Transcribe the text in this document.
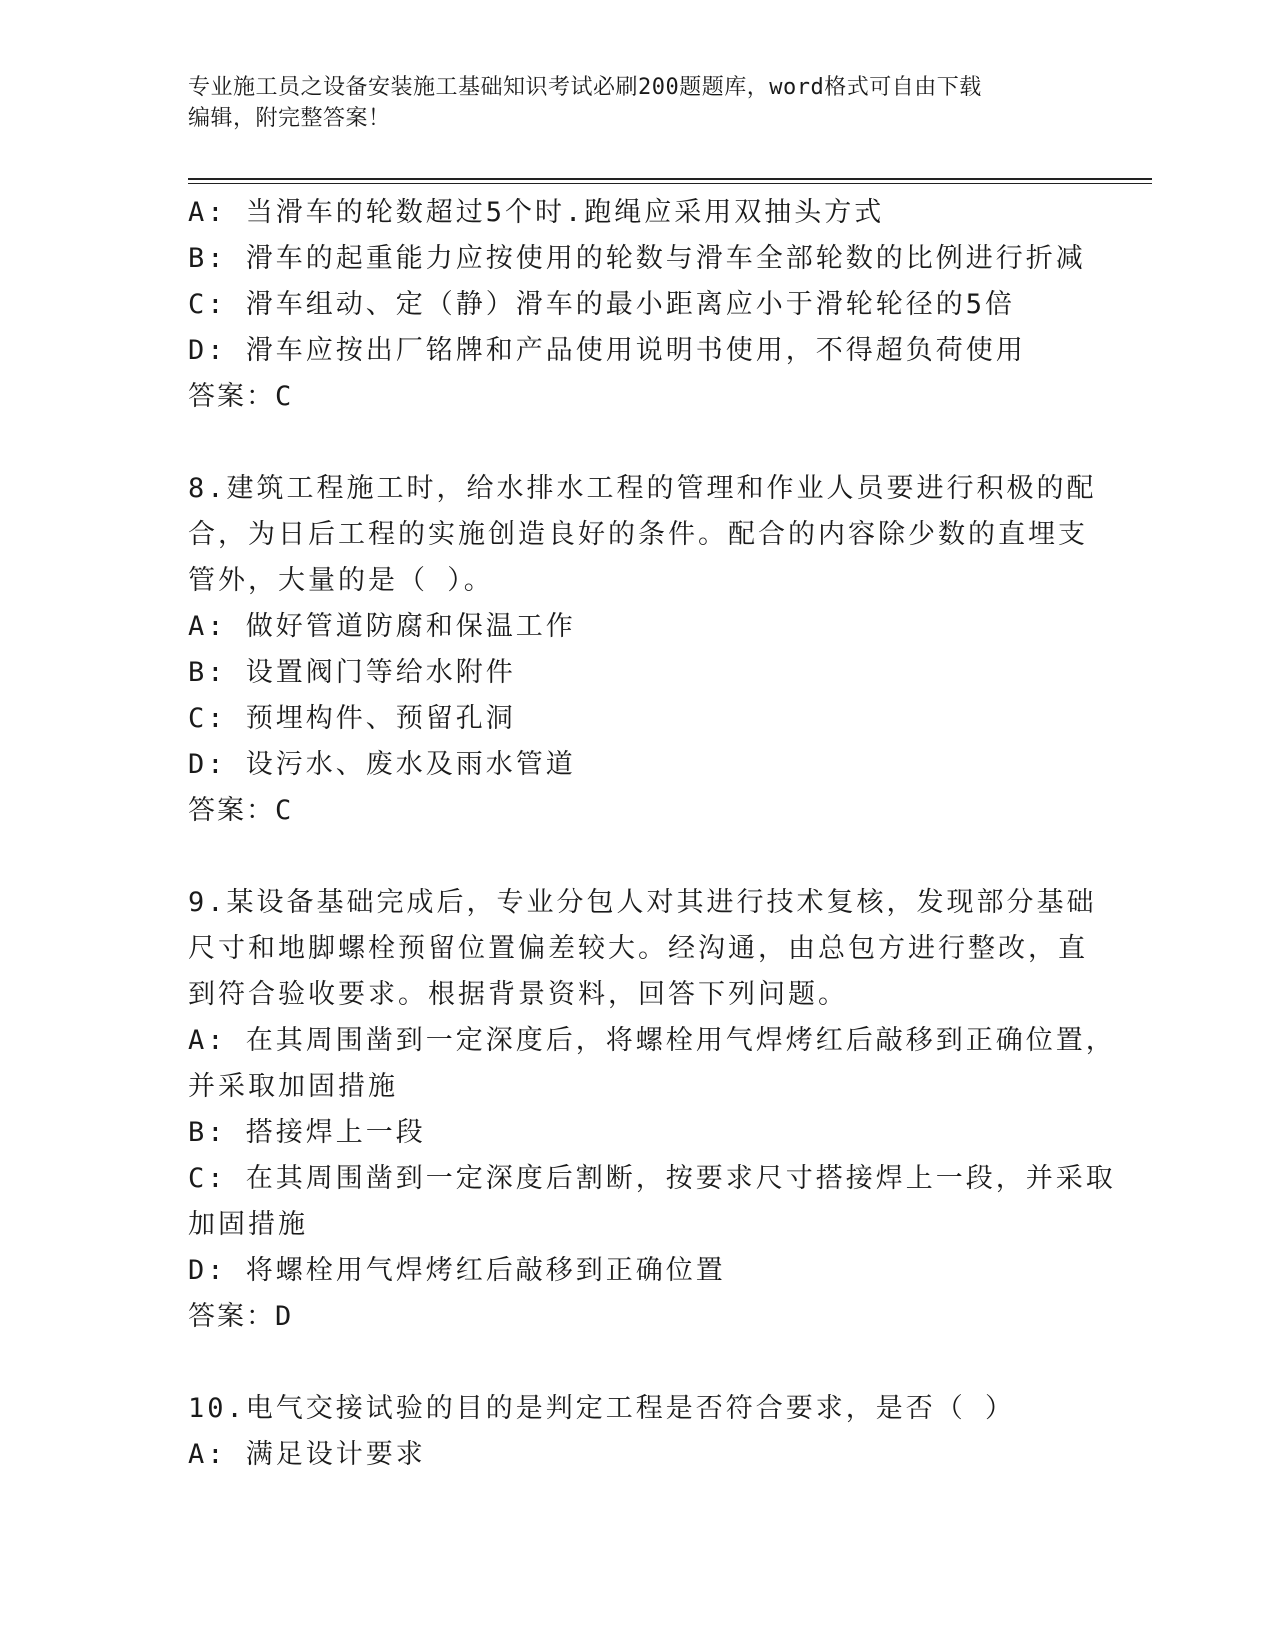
专业施工员之设备安装施工基础知识考试必刷200题题库，word格式可自由下载
编辑，附完整答案！
A: 当滑车的轮数超过5个时.跑绳应采用双抽头方式
B: 滑车的起重能力应按使用的轮数与滑车全部轮数的比例进行折减
C: 滑车组动、定（静）滑车的最小距离应小于滑轮轮径的5倍
D: 滑车应按出厂铭牌和产品使用说明书使用，不得超负荷使用
答案：C
8.建筑工程施工时，给水排水工程的管理和作业人员要进行积极的配
合，为日后工程的实施创造良好的条件。配合的内容除少数的直埋支
管外，大量的是（ ）。
A: 做好管道防腐和保温工作
B: 设置阀门等给水附件
C: 预埋构件、预留孔洞
D: 设污水、废水及雨水管道
答案：C
9.某设备基础完成后，专业分包人对其进行技术复核，发现部分基础
尺寸和地脚螺栓预留位置偏差较大。经沟通，由总包方进行整改，直
到符合验收要求。根据背景资料，回答下列问题。
A: 在其周围凿到一定深度后，将螺栓用气焊烤红后敲移到正确位置，
并采取加固措施
B: 搭接焊上一段
C: 在其周围凿到一定深度后割断，按要求尺寸搭接焊上一段，并采取
加固措施
D: 将螺栓用气焊烤红后敲移到正确位置
答案：D
10.电气交接试验的目的是判定工程是否符合要求，是否（ ）
A: 满足设计要求
